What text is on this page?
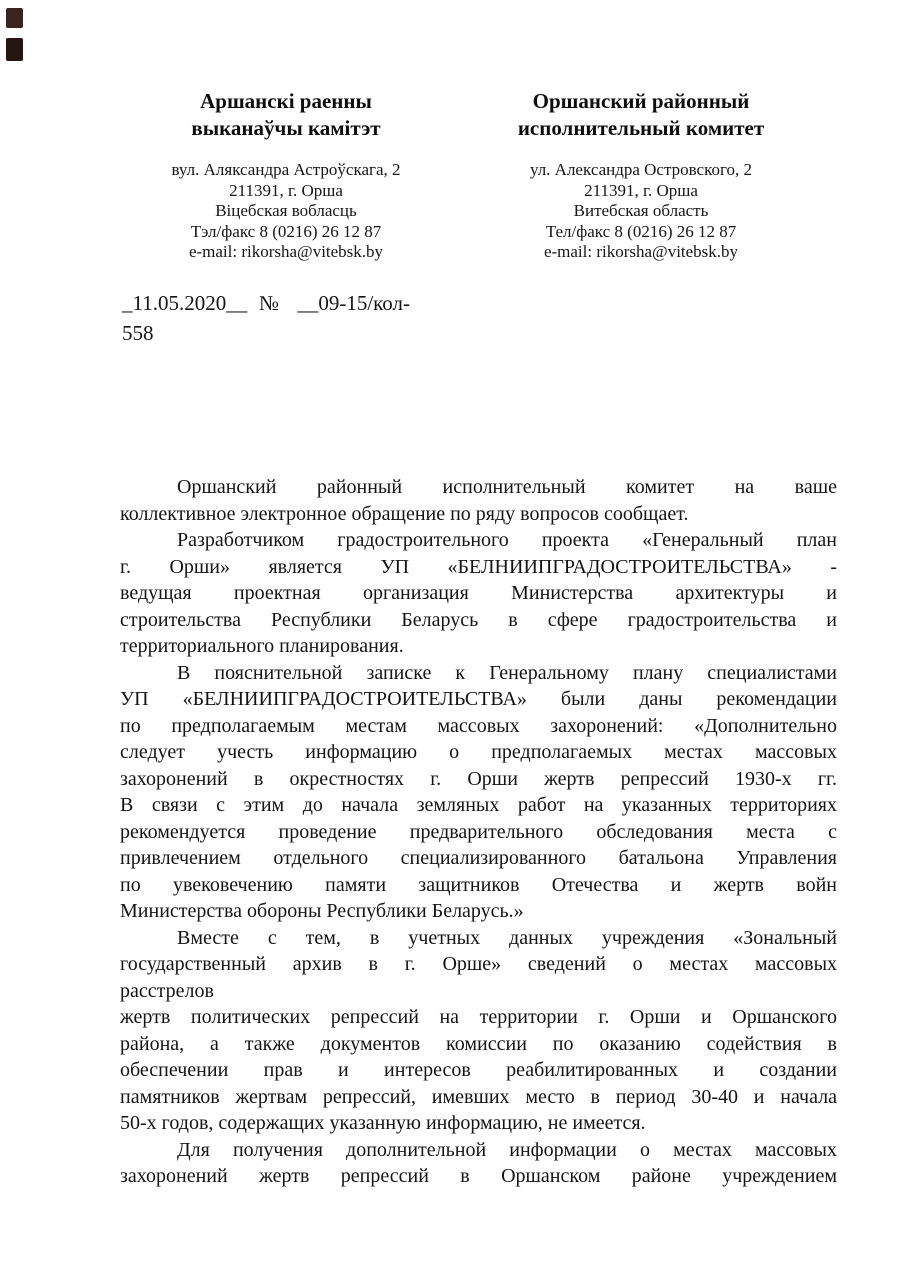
Аршанскі раенны
выканаўчы камітэт
вул. Аляксандра Астроўскага, 2
211391, г. Орша
Віцебская вобласць
Тэл/факс 8 (0216) 26 12 87
e-mail: rikorsha@vitebsk.by
Оршанский районный
исполнительный комитет
ул. Александра Островского, 2
211391, г. Орша
Витебская область
Тел/факс 8 (0216) 26 12 87
e-mail: rikorsha@vitebsk.by
_11.05.2020__ № __09-15/кол-
558
Оршанский районный исполнительный комитет на ваше
коллективное электронное обращение по ряду вопросов сообщает.
Разработчиком градостроительного проекта «Генеральный план
г. Орши» является УП «БЕЛНИИПГРАДОСТРОИТЕЛЬСТВА» -
ведущая проектная организация Министерства архитектуры и
строительства Республики Беларусь в сфере градостроительства и
территориального планирования.
В пояснительной записке к Генеральному плану специалистами
УП «БЕЛНИИПГРАДОСТРОИТЕЛЬСТВА» были даны рекомендации
по предполагаемым местам массовых захоронений: «Дополнительно
следует учесть информацию о предполагаемых местах массовых
захоронений в окрестностях г. Орши жертв репрессий 1930-х гг.
В связи с этим до начала земляных работ на указанных территориях
рекомендуется проведение предварительного обследования места с
привлечением отдельного специализированного батальона Управления
по увековечению памяти защитников Отечества и жертв войн
Министерства обороны Республики Беларусь.»
Вместе с тем, в учетных данных учреждения «Зональный
государственный архив в г. Орше» сведений о местах массовых
расстрелов
жертв политических репрессий на территории г. Орши и Оршанского
района, а также документов комиссии по оказанию содействия в
обеспечении прав и интересов реабилитированных и создании
памятников жертвам репрессий, имевших место в период 30-40 и начала
50-х годов, содержащих указанную информацию, не имеется.
Для получения дополнительной информации о местах массовых
захоронений жертв репрессий в Оршанском районе учреждением
